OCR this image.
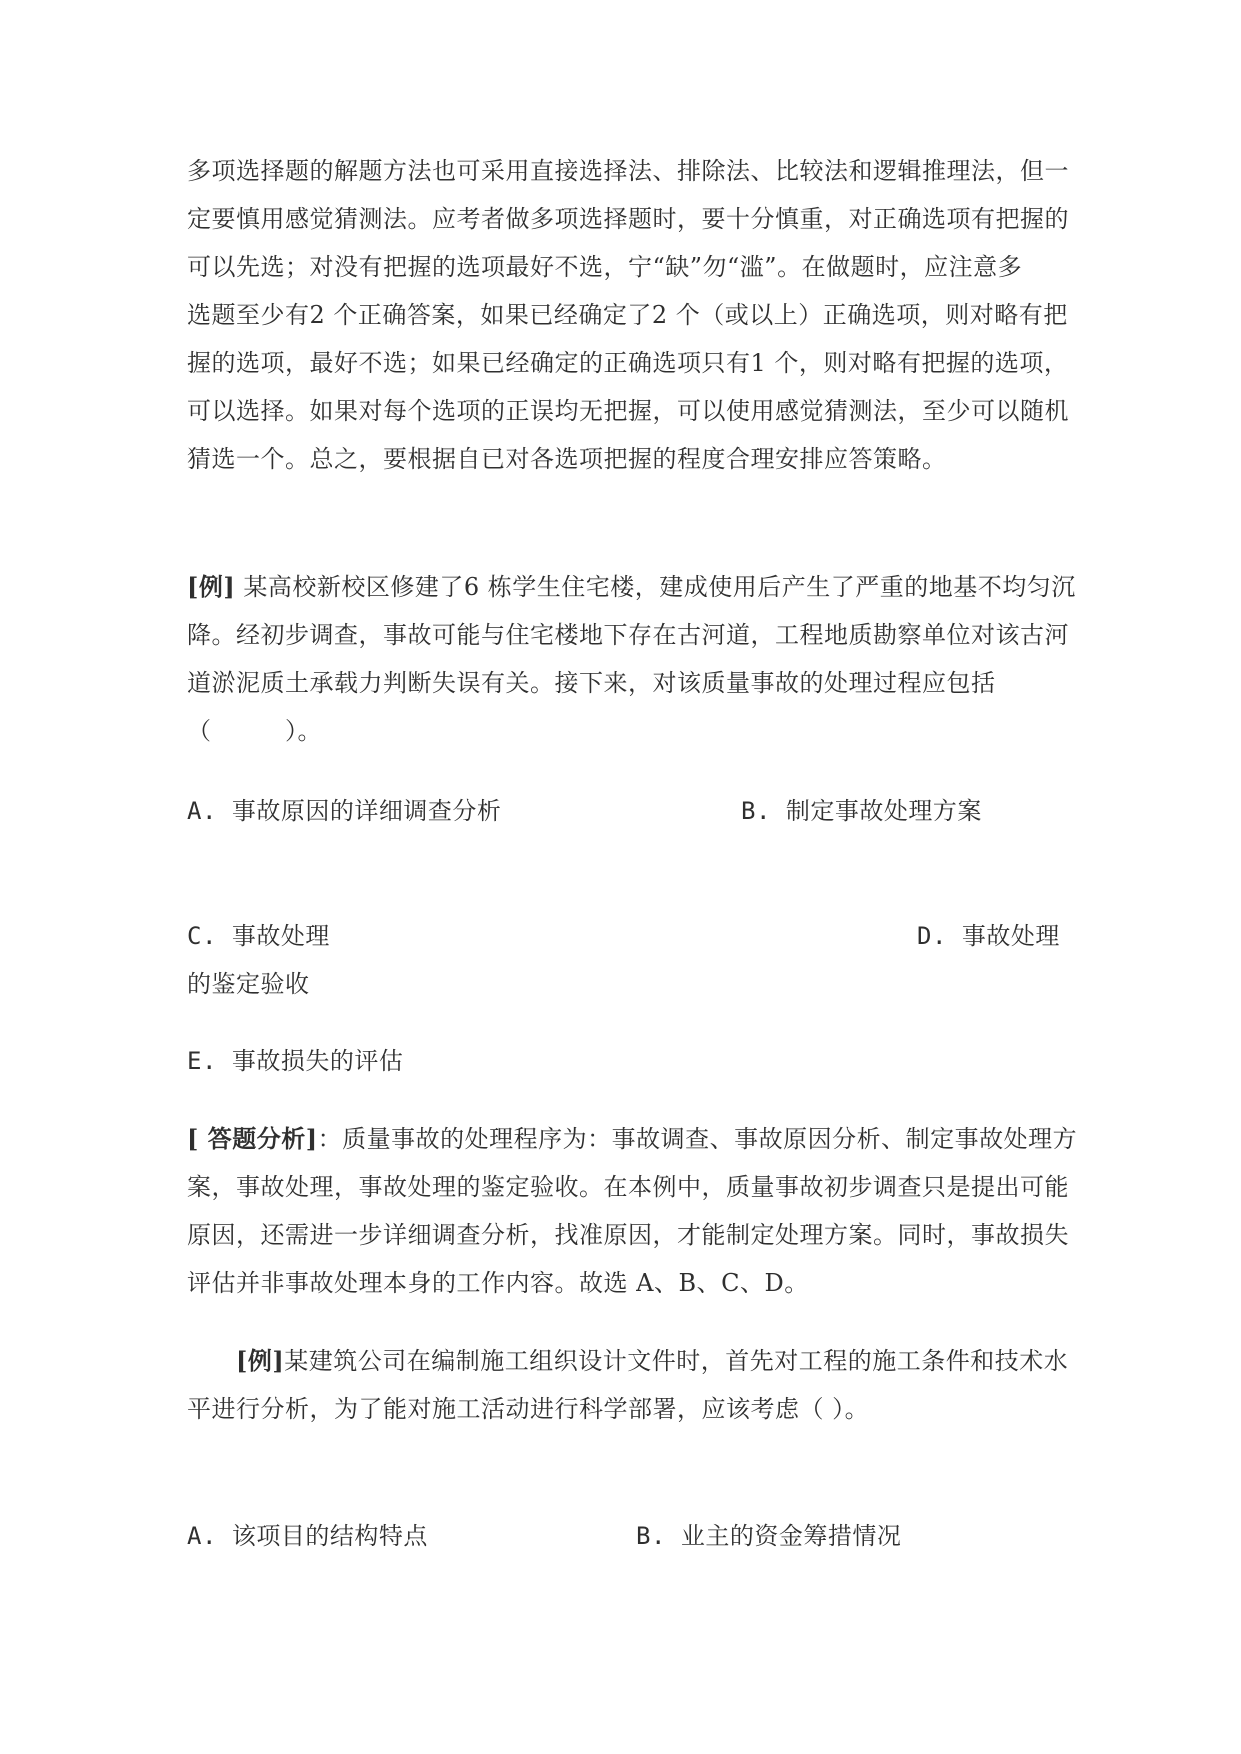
多项选择题的解题方法也可采用直接选择法、排除法、比较法和逻辑推理法，但一

定要慎用感觉猜测法。应考者做多项选择题时，要十分慎重，对正确选项有把握的

可以先选；对没有把握的选项最好不选，宁“缺”勿“滥”。在做题时，应注意多

选题至少有2 个正确答案，如果已经确定了2 个（或以上）正确选项，则对略有把

握的选项，最好不选；如果已经确定的正确选项只有1 个，则对略有把握的选项，

可以选择。如果对每个选项的正误均无把握，可以使用感觉猜测法，至少可以随机

猜选一个。总之，要根据自已对各选项把握的程度合理安排应答策略。

[例] 某高校新校区修建了6 栋学生住宅楼，建成使用后产生了严重的地基不均匀沉

降。经初步调查，事故可能与住宅楼地下存在古河道，工程地质勘察单位对该古河

道淤泥质土承载力判断失误有关。接下来，对该质量事故的处理过程应包括

（　　　）。

A. 事故原因的详细调查分析	B. 制定事故处理方案

C. 事故处理	D. 事故处理

的鉴定验收

E. 事故损失的评估

[ 答题分析]：质量事故的处理程序为：事故调查、事故原因分析、制定事故处理方

案，事故处理，事故处理的鉴定验收。在本例中，质量事故初步调查只是提出可能

原因，还需进一步详细调查分析，找准原因，才能制定处理方案。同时，事故损失

评估并非事故处理本身的工作内容。故选 A、B、C、D。

[例]某建筑公司在编制施工组织设计文件时，首先对工程的施工条件和技术水

平进行分析，为了能对施工活动进行科学部署，应该考虑（ ）。

A. 该项目的结构特点	B. 业主的资金筹措情况
